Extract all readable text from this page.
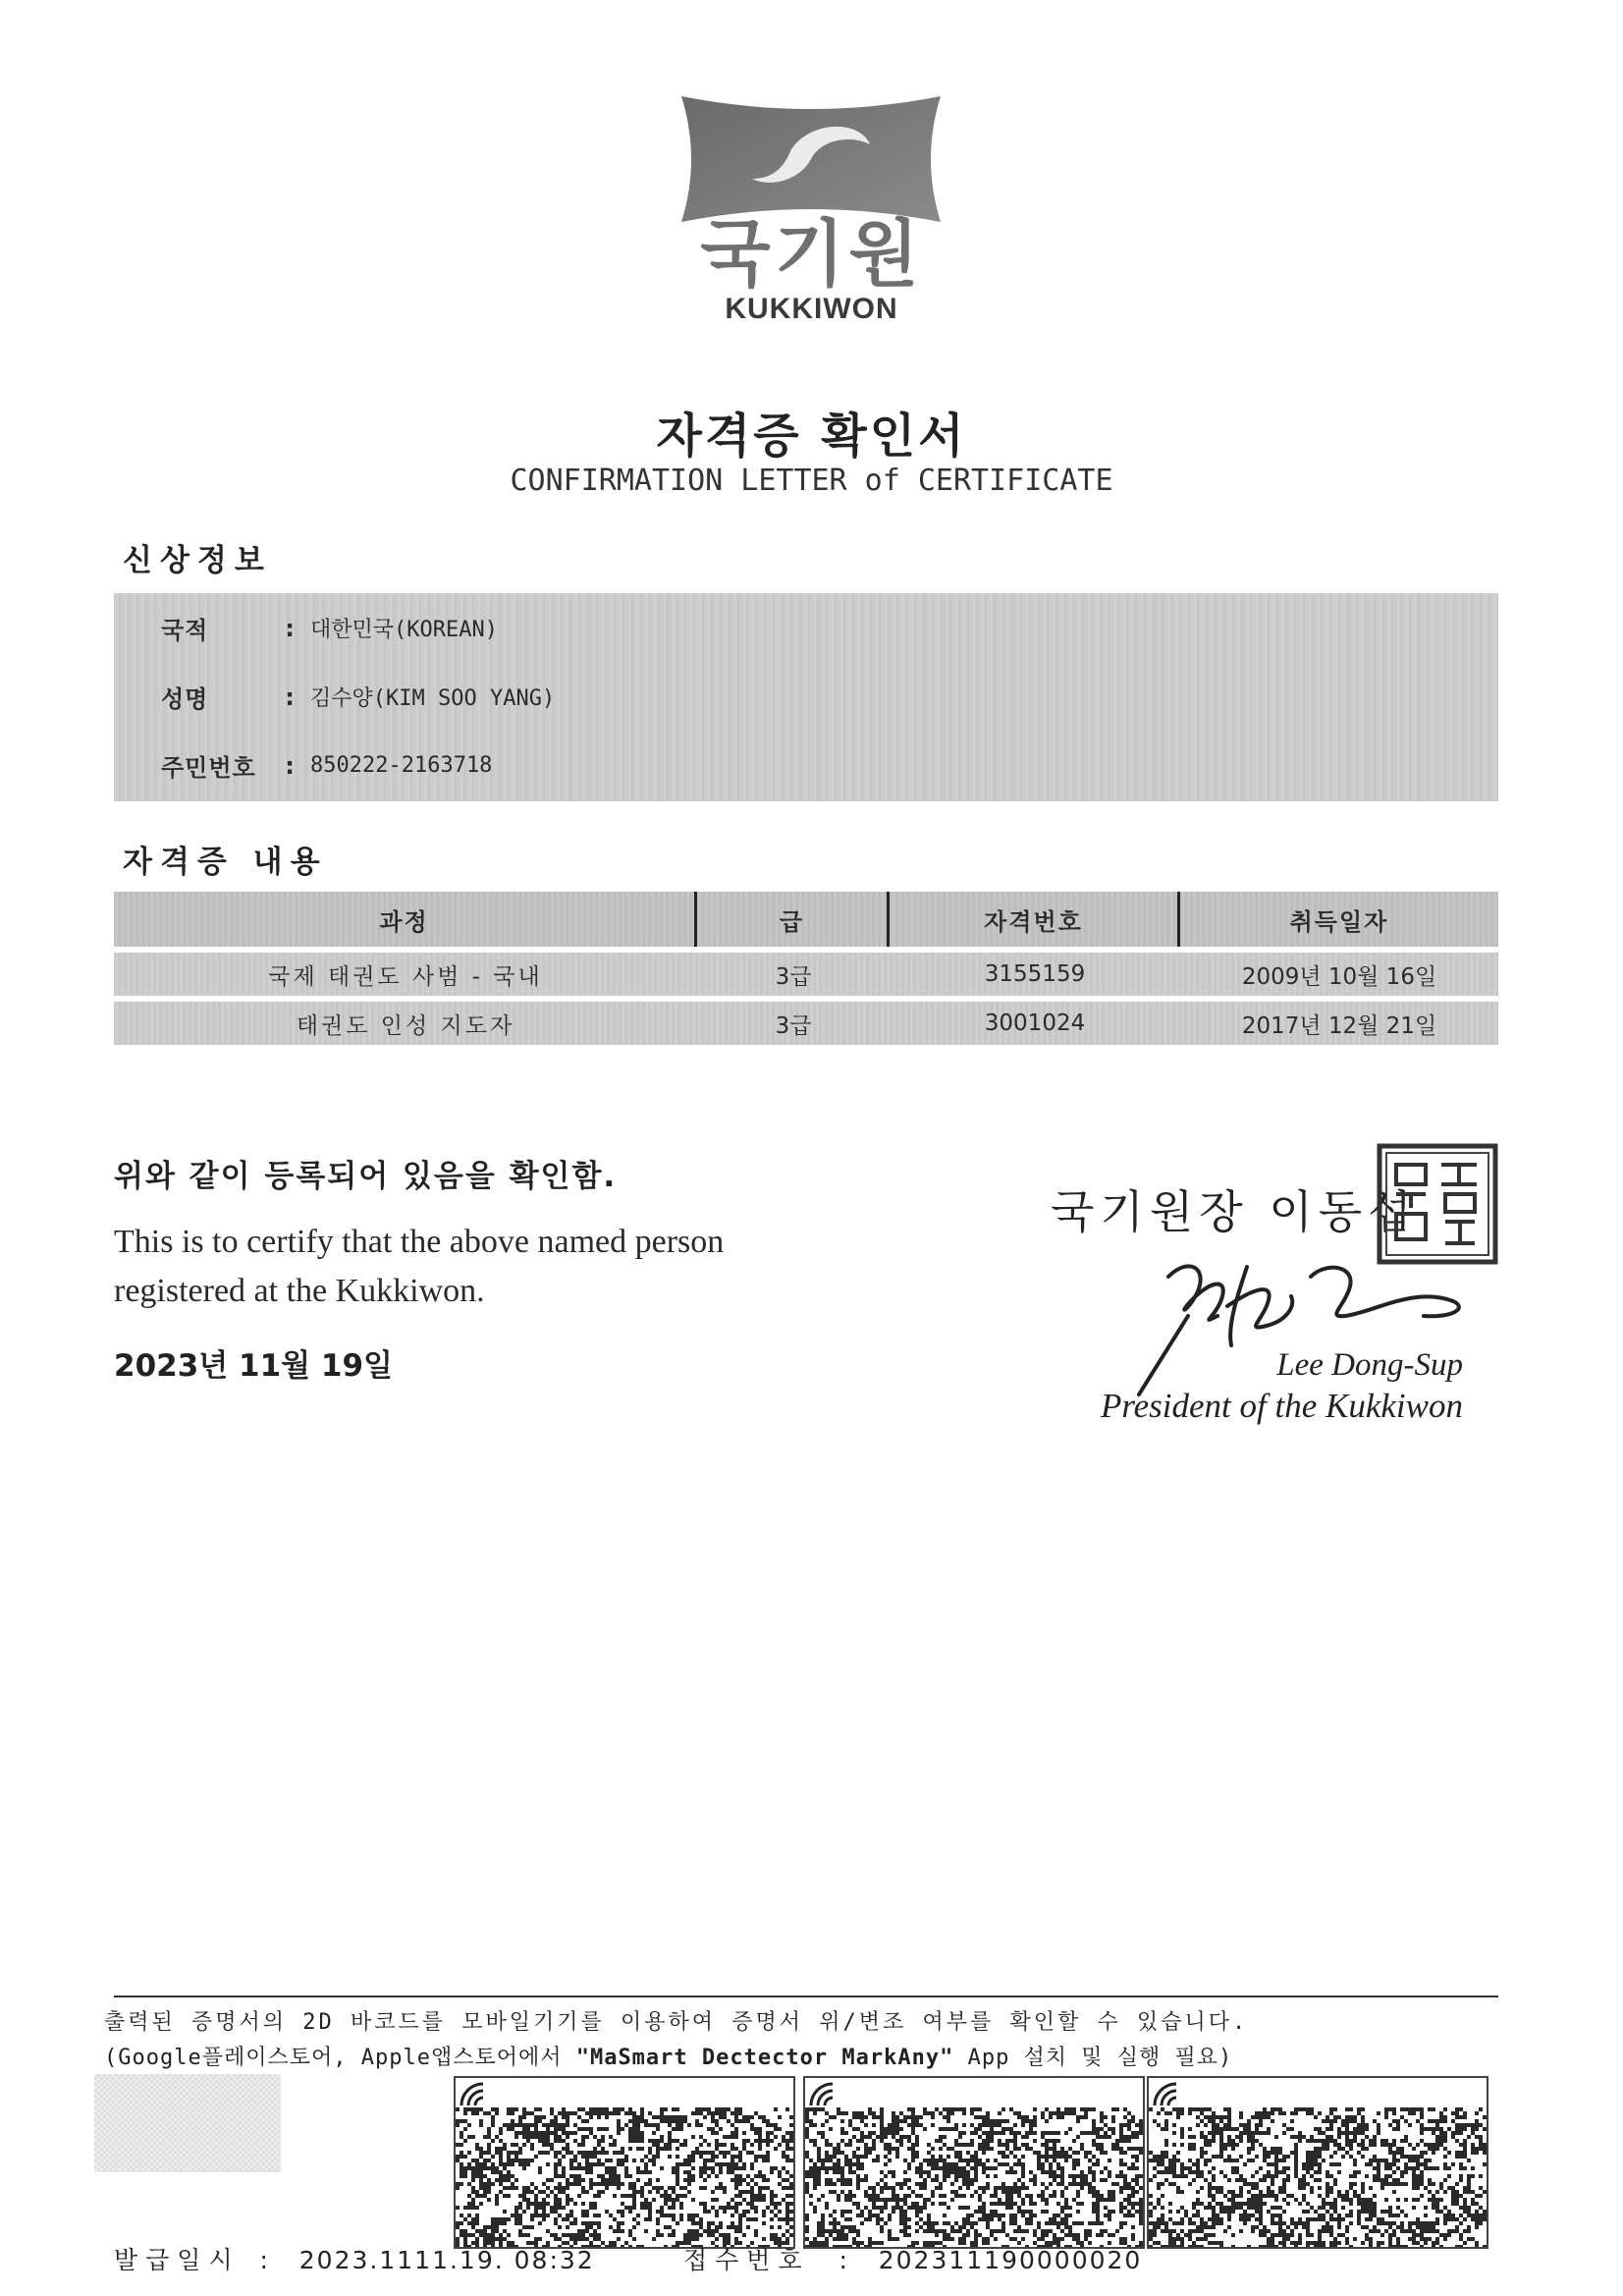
국기원
KUKKIWON
자격증 확인서
CONFIRMATION LETTER of CERTIFICATE
신상정보
국적	: 대한민국(KOREAN)
성명	: 김수양(KIM SOO YANG)
주민번호	: 850222-2163718
자격증 내용
과정	급	자격번호	취득일자
국제 태권도 사범 - 국내	3급	3155159	2009년 10월 16일
태권도 인성 지도자	3급	3001024	2017년 12월 21일
위와 같이 등록되어 있음을 확인함.
This is to certify that the above named person
registered at the Kukkiwon.
2023년 11월 19일
국기원장 이동섭
Lee Dong-Sup
President of the Kukkiwon
출력된 증명서의 2D 바코드를 모바일기기를 이용하여 증명서 위/변조 여부를 확인할 수 있습니다.
(Google플레이스토어, Apple앱스토어에서 "MaSmart Dectector MarkAny" App 설치 및 실행 필요)
발급일시  :   2023.1111.19. 08:32	접수번호   :   202311190000020
